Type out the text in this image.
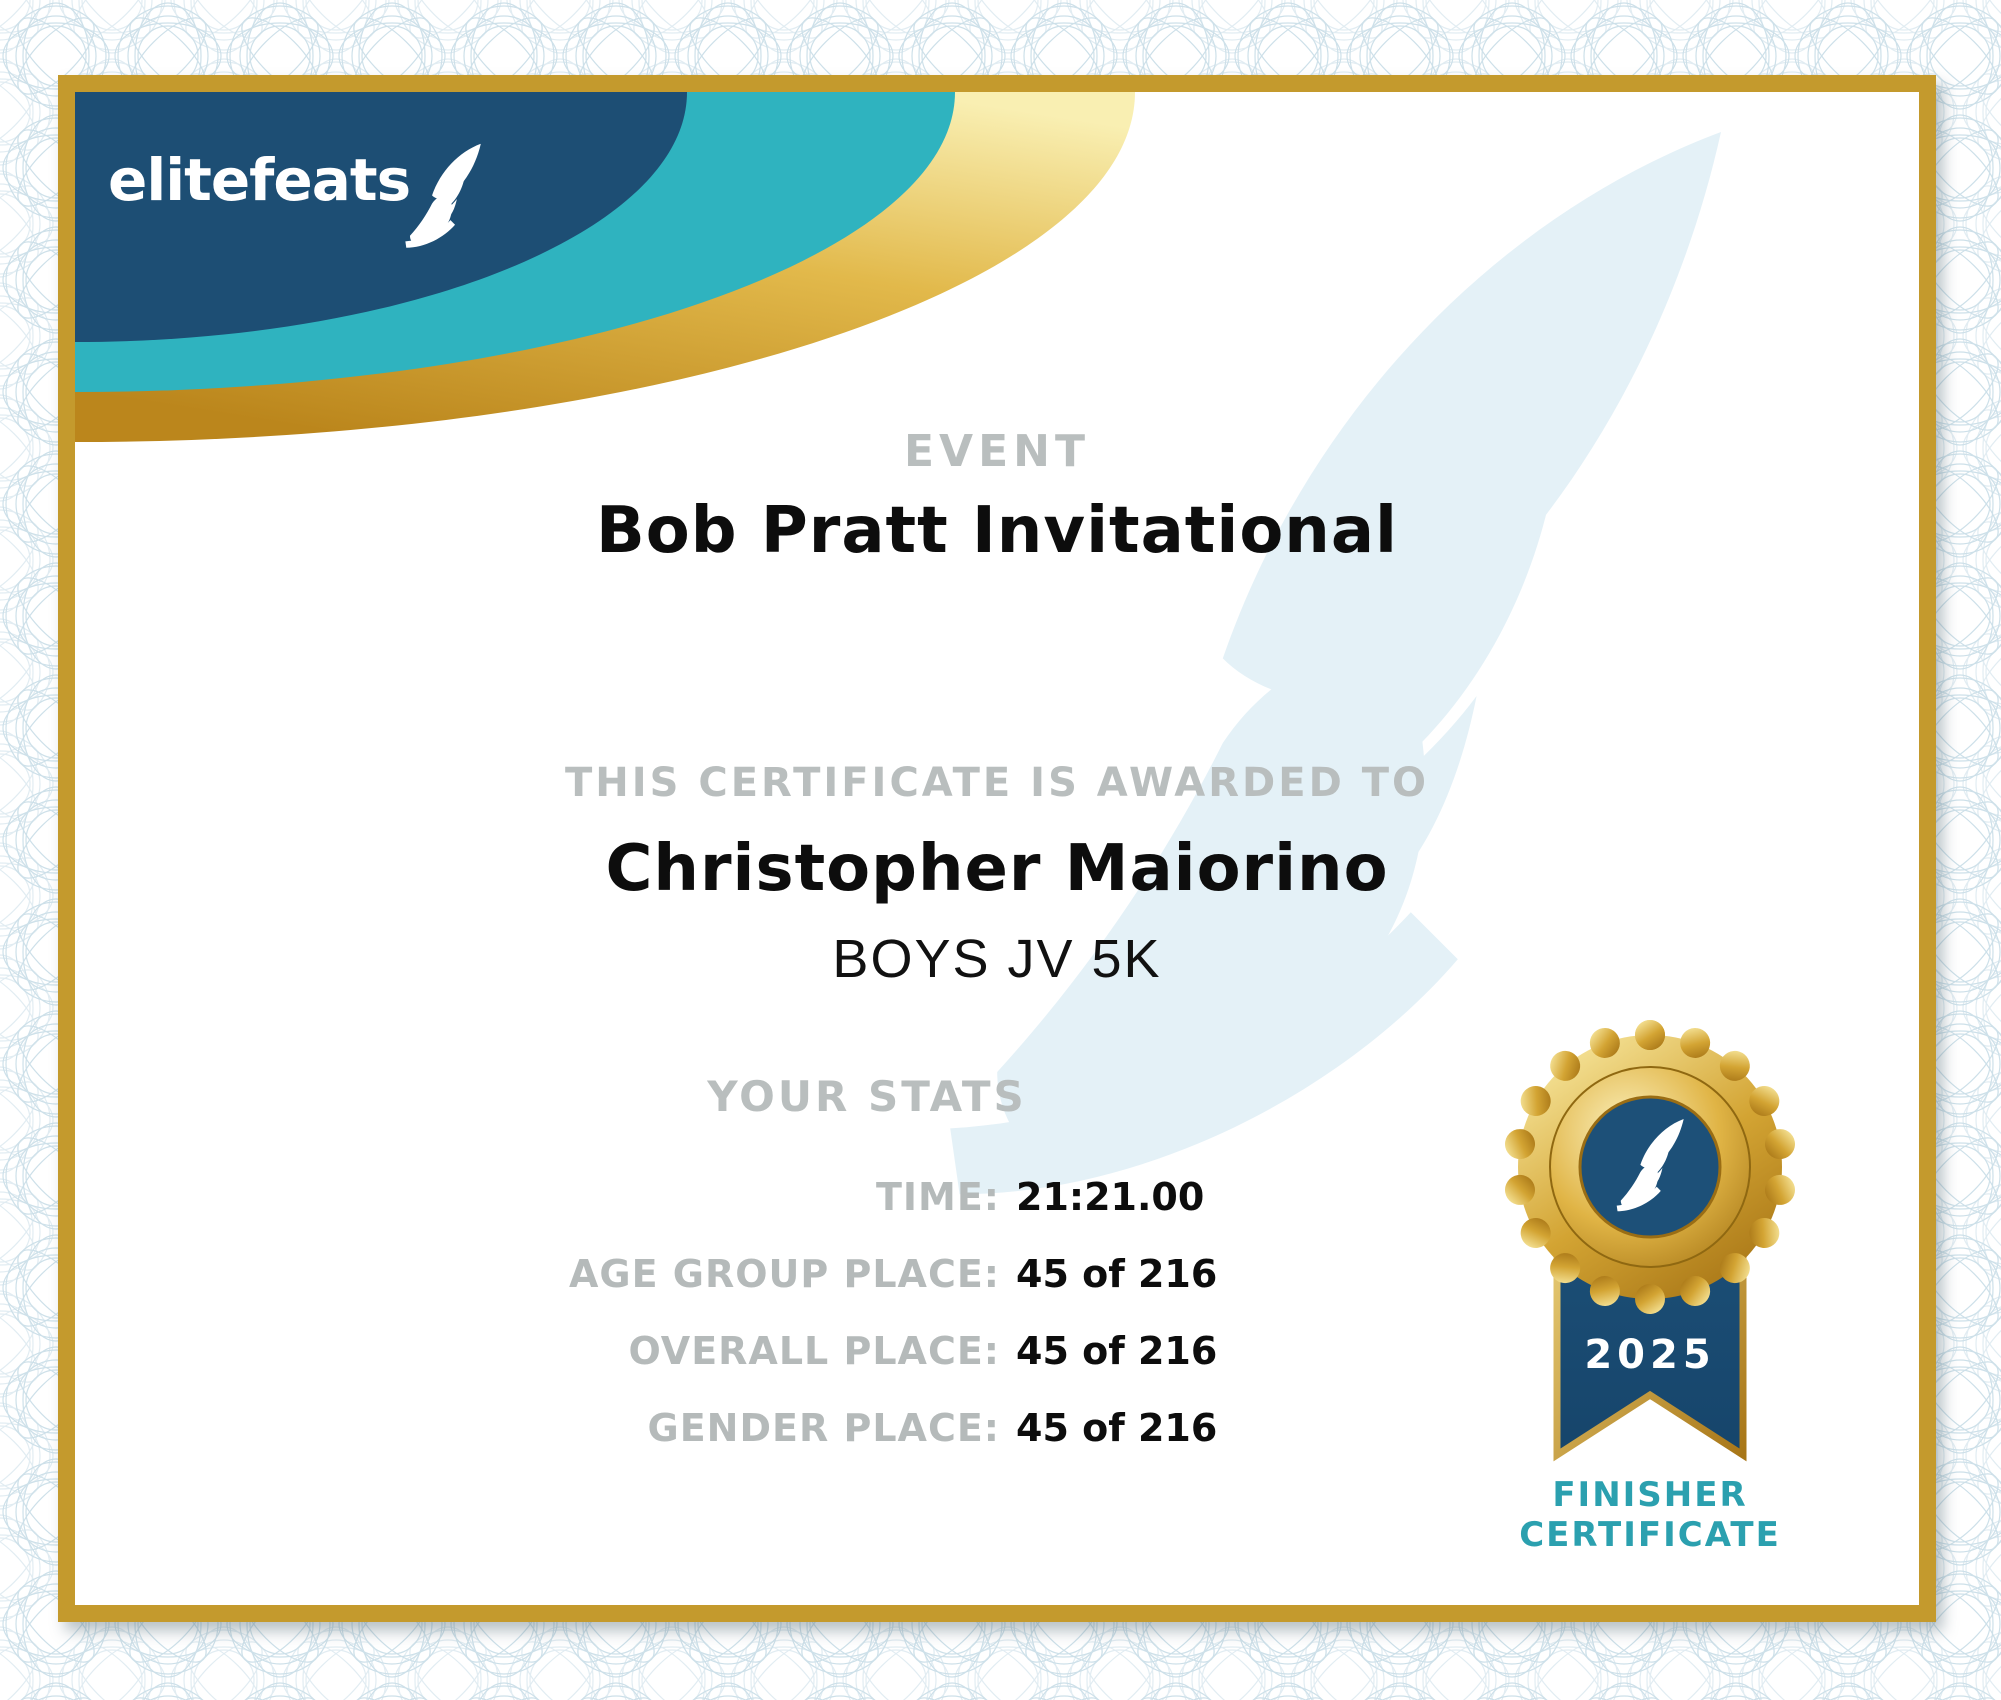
elitefeats
EVENT
Bob Pratt Invitational
THIS CERTIFICATE IS AWARDED TO
Christopher Maiorino
BOYS JV 5K
YOUR STATS
TIME: 21:21.00
AGE GROUP PLACE: 45 of 216
OVERALL PLACE: 45 of 216
GENDER PLACE: 45 of 216
2025
FINISHER
CERTIFICATE
